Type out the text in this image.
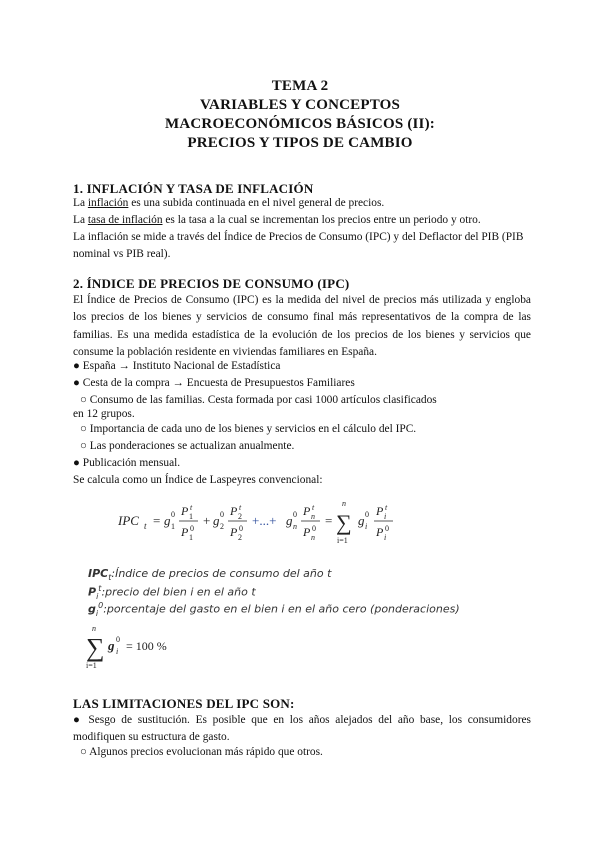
TEMA 2
VARIABLES Y CONCEPTOS
MACROECONÓMICOS BÁSICOS (II):
PRECIOS Y TIPOS DE CAMBIO
1. INFLACIÓN Y TASA DE INFLACIÓN
La inflación es una subida continuada en el nivel general de precios.
La tasa de inflación es la tasa a la cual se incrementan los precios entre un periodo y otro.
La inflación se mide a través del Índice de Precios de Consumo (IPC) y del Deflactor del PIB (PIB nominal vs PIB real).
2. ÍNDICE DE PRECIOS DE CONSUMO (IPC)
El Índice de Precios de Consumo (IPC) es la medida del nivel de precios más utilizada y engloba los precios de los bienes y servicios de consumo final más representativos de la compra de las familias. Es una medida estadística de la evolución de los precios de los bienes y servicios que consume la población residente en viviendas familiares en España.
● España → Instituto Nacional de Estadística
● Cesta de la compra → Encuesta de Presupuestos Familiares
○ Consumo de las familias. Cesta formada por casi 1000 artículos clasificados
en 12 grupos.
○ Importancia de cada uno de los bienes y servicios en el cálculo del IPC.
○ Las ponderaciones se actualizan anualmente.
● Publicación mensual.
Se calcula como un Índice de Laspeyres convencional:
IPC t = g 0
1
P t
1
P 0
1
+ g 0
2
P t
2
P 0
2
+...+ g 0
n
P t
n
P 0
n
=
n
∑
i=1
g 0
i
P t
i
P 0
i
$IPC_t:Índice$ de precios de consumo del año t
$P_i^t:precio$ del bien i en el año t
$g_i^0:porcentaje$ del gasto en el bien i en el año cero (ponderaciones)
n
∑
i=1
g 0
i = 100 %
LAS LIMITACIONES DEL IPC SON:
● Sesgo de sustitución. Es posible que en los años alejados del año base, los consumidores modifiquen su estructura de gasto.
○ Algunos precios evolucionan más rápido que otros.
